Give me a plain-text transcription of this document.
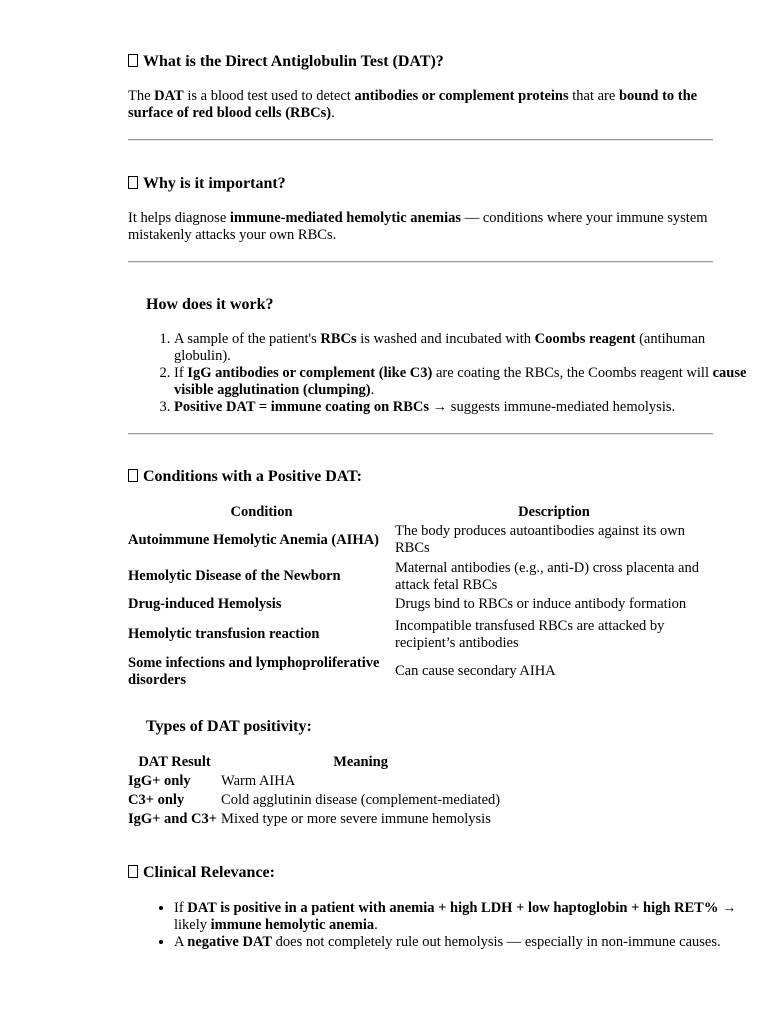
What is the Direct Antiglobulin Test (DAT)?

The DAT is a blood test used to detect antibodies or complement proteins that are bound to the surface of red blood cells (RBCs).

Why is it important?

It helps diagnose immune-mediated hemolytic anemias — conditions where your immune system mistakenly attacks your own RBCs.

How does it work?
1. A sample of the patient's RBCs is washed and incubated with Coombs reagent (antihuman globulin).
2. If IgG antibodies or complement (like C3) are coating the RBCs, the Coombs reagent will cause visible agglutination (clumping).
3. Positive DAT = immune coating on RBCs → suggests immune-mediated hemolysis.
Conditions with a Positive DAT:
Condition	Description
Autoimmune Hemolytic Anemia (AIHA)	The body produces autoantibodies against its own RBCs
Hemolytic Disease of the Newborn	Maternal antibodies (e.g., anti-D) cross placenta and attack fetal RBCs
Drug-induced Hemolysis	Drugs bind to RBCs or induce antibody formation
Hemolytic transfusion reaction	Incompatible transfused RBCs are attacked by recipient’s antibodies
Some infections and lymphoproliferative disorders	Can cause secondary AIHA
Types of DAT positivity:
DAT Result	Meaning
IgG+ only	Warm AIHA
C3+ only	Cold agglutinin disease (complement-mediated)
IgG+ and C3+	Mixed type or more severe immune hemolysis
Clinical Relevance:
• If DAT is positive in a patient with anemia + high LDH + low haptoglobin + high RET% → likely immune hemolytic anemia.
• A negative DAT does not completely rule out hemolysis — especially in non-immune causes.
